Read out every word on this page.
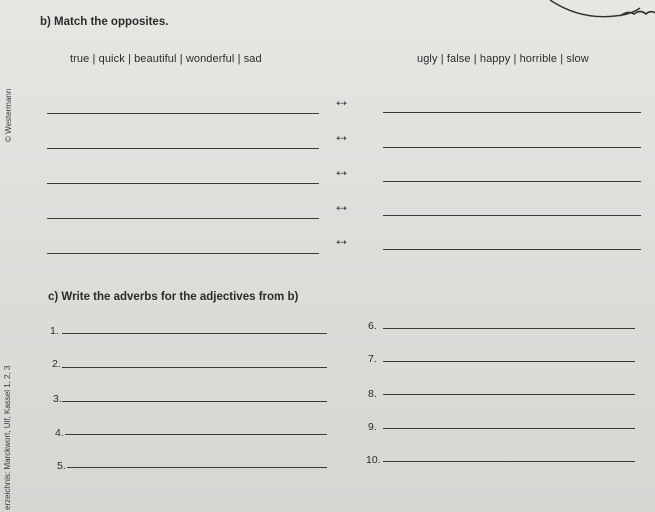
b) Match the opposites.
true | quick | beautiful | wonderful | sad	ugly | false | happy | horrible | slow
© Westermann
erzeichnis: Marckwort, Ulf, Kassel 1, 2, 3
↔
↔
↔
↔
↔
c) Write the adverbs for the adjectives from b)
1.	6.
2.	7.
3.	8.
4.	9.
5.	10.
